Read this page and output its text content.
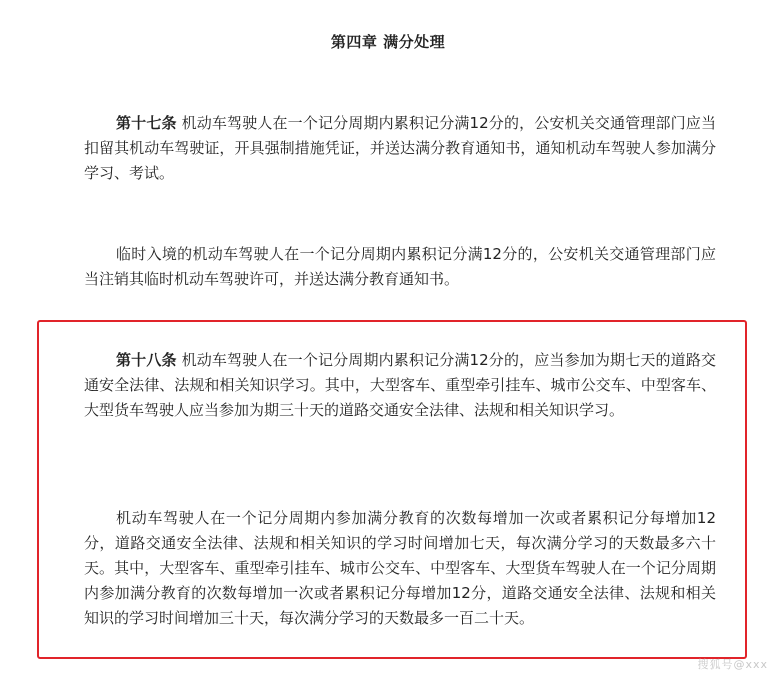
第四章 满分处理

第十七条 机动车驾驶人在一个记分周期内累积记分满12分的，公安机关交通管理部门应当扣留其机动车驾驶证，开具强制措施凭证，并送达满分教育通知书，通知机动车驾驶人参加满分学习、考试。

临时入境的机动车驾驶人在一个记分周期内累积记分满12分的，公安机关交通管理部门应当注销其临时机动车驾驶许可，并送达满分教育通知书。

第十八条 机动车驾驶人在一个记分周期内累积记分满12分的，应当参加为期七天的道路交通安全法律、法规和相关知识学习。其中，大型客车、重型牵引挂车、城市公交车、中型客车、大型货车驾驶人应当参加为期三十天的道路交通安全法律、法规和相关知识学习。

机动车驾驶人在一个记分周期内参加满分教育的次数每增加一次或者累积记分每增加12分，道路交通安全法律、法规和相关知识的学习时间增加七天，每次满分学习的天数最多六十天。其中，大型客车、重型牵引挂车、城市公交车、中型客车、大型货车驾驶人在一个记分周期内参加满分教育的次数每增加一次或者累积记分每增加12分，道路交通安全法律、法规和相关知识的学习时间增加三十天，每次满分学习的天数最多一百二十天。

搜狐号@xxx
